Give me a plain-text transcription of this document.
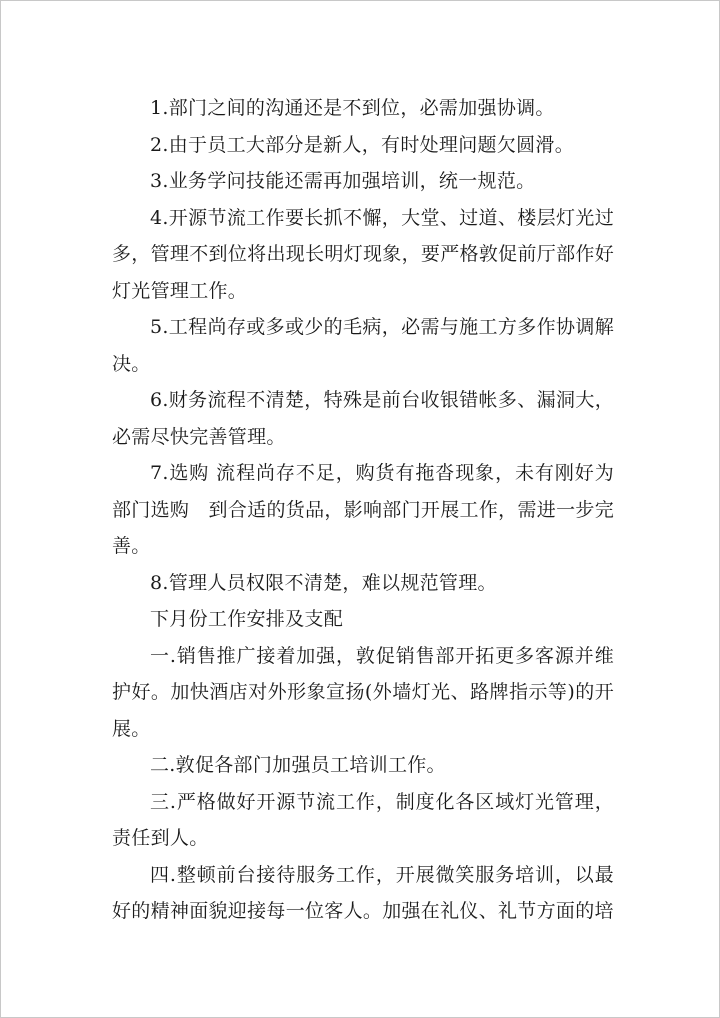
1.部门之间的沟通还是不到位，必需加强协调。

2.由于员工大部分是新人，有时处理问题欠圆滑。

3.业务学问技能还需再加强培训，统一规范。

4.开源节流工作要长抓不懈，大堂、过道、楼层灯光过多，管理不到位将出现长明灯现象，要严格敦促前厅部作好灯光管理工作。

5.工程尚存或多或少的毛病，必需与施工方多作协调解决。

6.财务流程不清楚，特殊是前台收银错帐多、漏洞大，必需尽快完善管理。

7.选购 流程尚存不足，购货有拖沓现象，未有刚好为部门选购　到合适的货品，影响部门开展工作，需进一步完善。

8.管理人员权限不清楚，难以规范管理。

下月份工作安排及支配

一.销售推广接着加强，敦促销售部开拓更多客源并维护好。加快酒店对外形象宣扬(外墙灯光、路牌指示等)的开展。

二.敦促各部门加强员工培训工作。

三.严格做好开源节流工作，制度化各区域灯光管理，责任到人。

四.整顿前台接待服务工作，开展微笑服务培训，以最好的精神面貌迎接每一位客人。加强在礼仪、礼节方面的培
